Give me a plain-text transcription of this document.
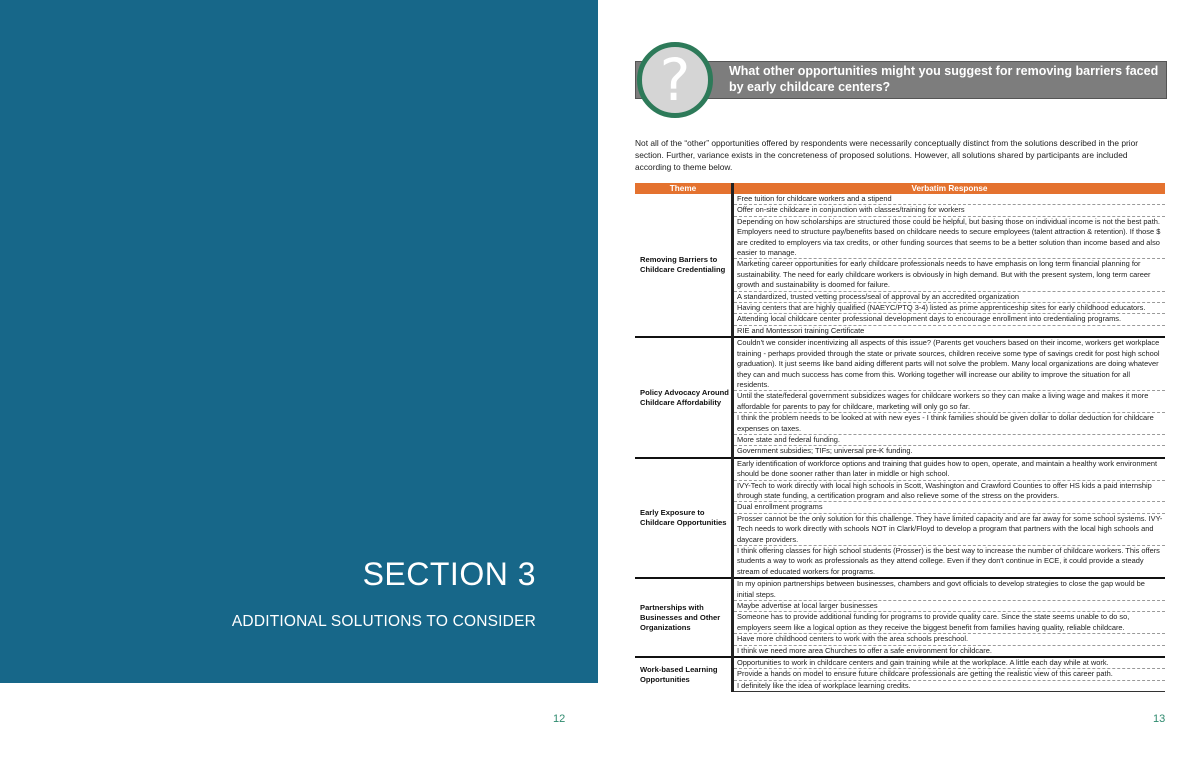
SECTION 3
ADDITIONAL SOLUTIONS TO CONSIDER
12
?	What other opportunities might you suggest for removing barriers faced by early childcare centers?
Not all of the “other” opportunities offered by respondents were necessarily conceptually distinct from the solutions described in the prior section. Further, variance exists in the concreteness of proposed solutions. However, all solutions shared by participants are included according to theme below.
Theme	Verbatim Response
Removing Barriers to Childcare Credentialing	Free tuition for childcare workers and a stipend
	Offer on-site childcare in conjunction with classes/training for workers
	Depending on how scholarships are structured those could be helpful, but basing those on individual income is not the best path. Employers need to structure pay/benefits based on childcare needs to secure employees (talent attraction & retention). If those $ are credited to employers via tax credits, or other funding sources that seems to be a better solution than income based and also easier to manage.
	Marketing career opportunities for early childcare professionals needs to have emphasis on long term financial planning for sustainability. The need for early childcare workers is obviously in high demand. But with the present system, long term career growth and sustainability is doomed for failure.
	A standardized, trusted vetting process/seal of approval by an accredited organization
	Having centers that are highly qualified (NAEYC/PTQ 3-4) listed as prime apprenticeship sites for early childhood educators.
	Attending local childcare center professional development days to encourage enrollment into credentialing programs.
	RIE and Montessori training Certificate
Policy Advocacy Around Childcare Affordability	Couldn't we consider incentivizing all aspects of this issue? (Parents get vouchers based on their income, workers get workplace training - perhaps provided through the state or private sources, children receive some type of savings credit for post high school graduation). It just seems like band aiding different parts will not solve the problem. Many local organizations are doing whatever they can and much success has come from this. Working together will increase our ability to improve the situation for all residents.
	Until the state/federal government subsidizes wages for childcare workers so they can make a living wage and makes it more affordable for parents to pay for childcare, marketing will only go so far.
	I think the problem needs to be looked at with new eyes - I think families should be given dollar to dollar deduction for childcare expenses on taxes.
	More state and federal funding.
	Government subsidies; TIFs; universal pre-K funding.
Early Exposure to Childcare Opportunities	Early identification of workforce options and training that guides how to open, operate, and maintain a healthy work environment should be done sooner rather than later in middle or high school.
	IVY-Tech to work directly with local high schools in Scott, Washington and Crawford Counties to offer HS kids a paid internship through state funding, a certification program and also relieve some of the stress on the providers.
	Dual enrollment programs
	Prosser cannot be the only solution for this challenge. They have limited capacity and are far away for some school systems. IVY-Tech needs to work directly with schools NOT in Clark/Floyd to develop a program that partners with the local high schools and daycare providers.
	I think offering classes for high school students (Prosser) is the best way to increase the number of childcare workers. This offers students a way to work as professionals as they attend college. Even if they don't continue in ECE, it could provide a steady stream of educated workers for programs.
Partnerships with Businesses and Other Organizations	In my opinion partnerships between businesses, chambers and govt officials to develop strategies to close the gap would be initial steps.
	Maybe advertise at local larger businesses
	Someone has to provide additional funding for programs to provide quality care. Since the state seems unable to do so, employers seem like a logical option as they receive the biggest benefit from families having quality, reliable childcare.
	Have more childhood centers to work with the area schools preschool.
	I think we need more area Churches to offer a safe environment for childcare.
Work-based Learning Opportunities	Opportunities to work in childcare centers and gain training while at the workplace. A little each day while at work.
	Provide a hands on model to ensure future childcare professionals are getting the realistic view of this career path.
	I definitely like the idea of workplace learning credits.
13
